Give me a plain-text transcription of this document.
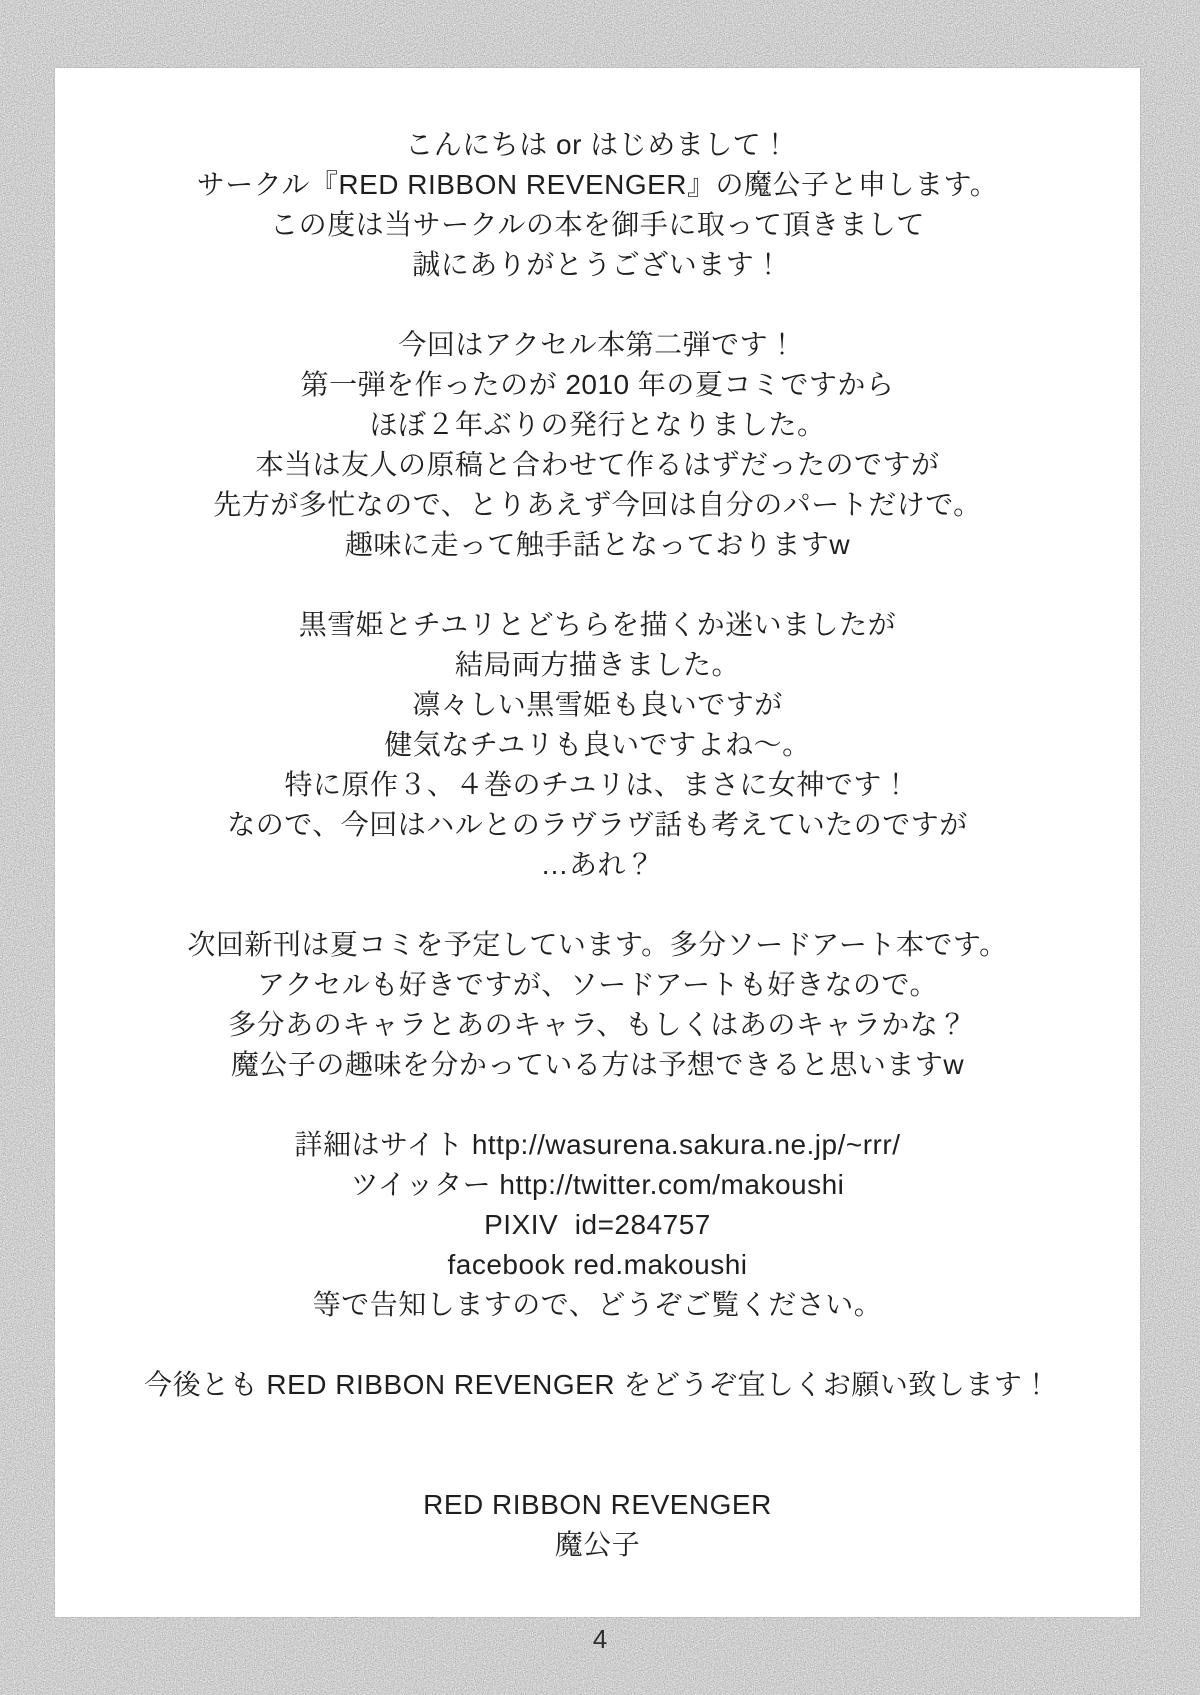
こんにちは or はじめまして！
サークル『RED RIBBON REVENGER』の魔公子と申します。
この度は当サークルの本を御手に取って頂きまして
誠にありがとうございます！
今回はアクセル本第二弾です！
第一弾を作ったのが 2010 年の夏コミですから
ほぼ２年ぶりの発行となりました。
本当は友人の原稿と合わせて作るはずだったのですが
先方が多忙なので、とりあえず今回は自分のパートだけで。
趣味に走って触手話となっておりますw
黒雪姫とチユリとどちらを描くか迷いましたが
結局両方描きました。
凛々しい黒雪姫も良いですが
健気なチユリも良いですよね～。
特に原作３、４巻のチユリは、まさに女神です！
なので、今回はハルとのラヴラヴ話も考えていたのですが
…あれ？
次回新刊は夏コミを予定しています。多分ソードアート本です。
アクセルも好きですが、ソードアートも好きなので。
多分あのキャラとあのキャラ、もしくはあのキャラかな？
魔公子の趣味を分かっている方は予想できると思いますw
詳細はサイト http://wasurena.sakura.ne.jp/~rrr/
ツイッター http://twitter.com/makoushi
PIXIV  id=284757
facebook red.makoushi
等で告知しますので、どうぞご覧ください。
今後とも RED RIBBON REVENGER をどうぞ宜しくお願い致します！
RED RIBBON REVENGER
魔公子
4
